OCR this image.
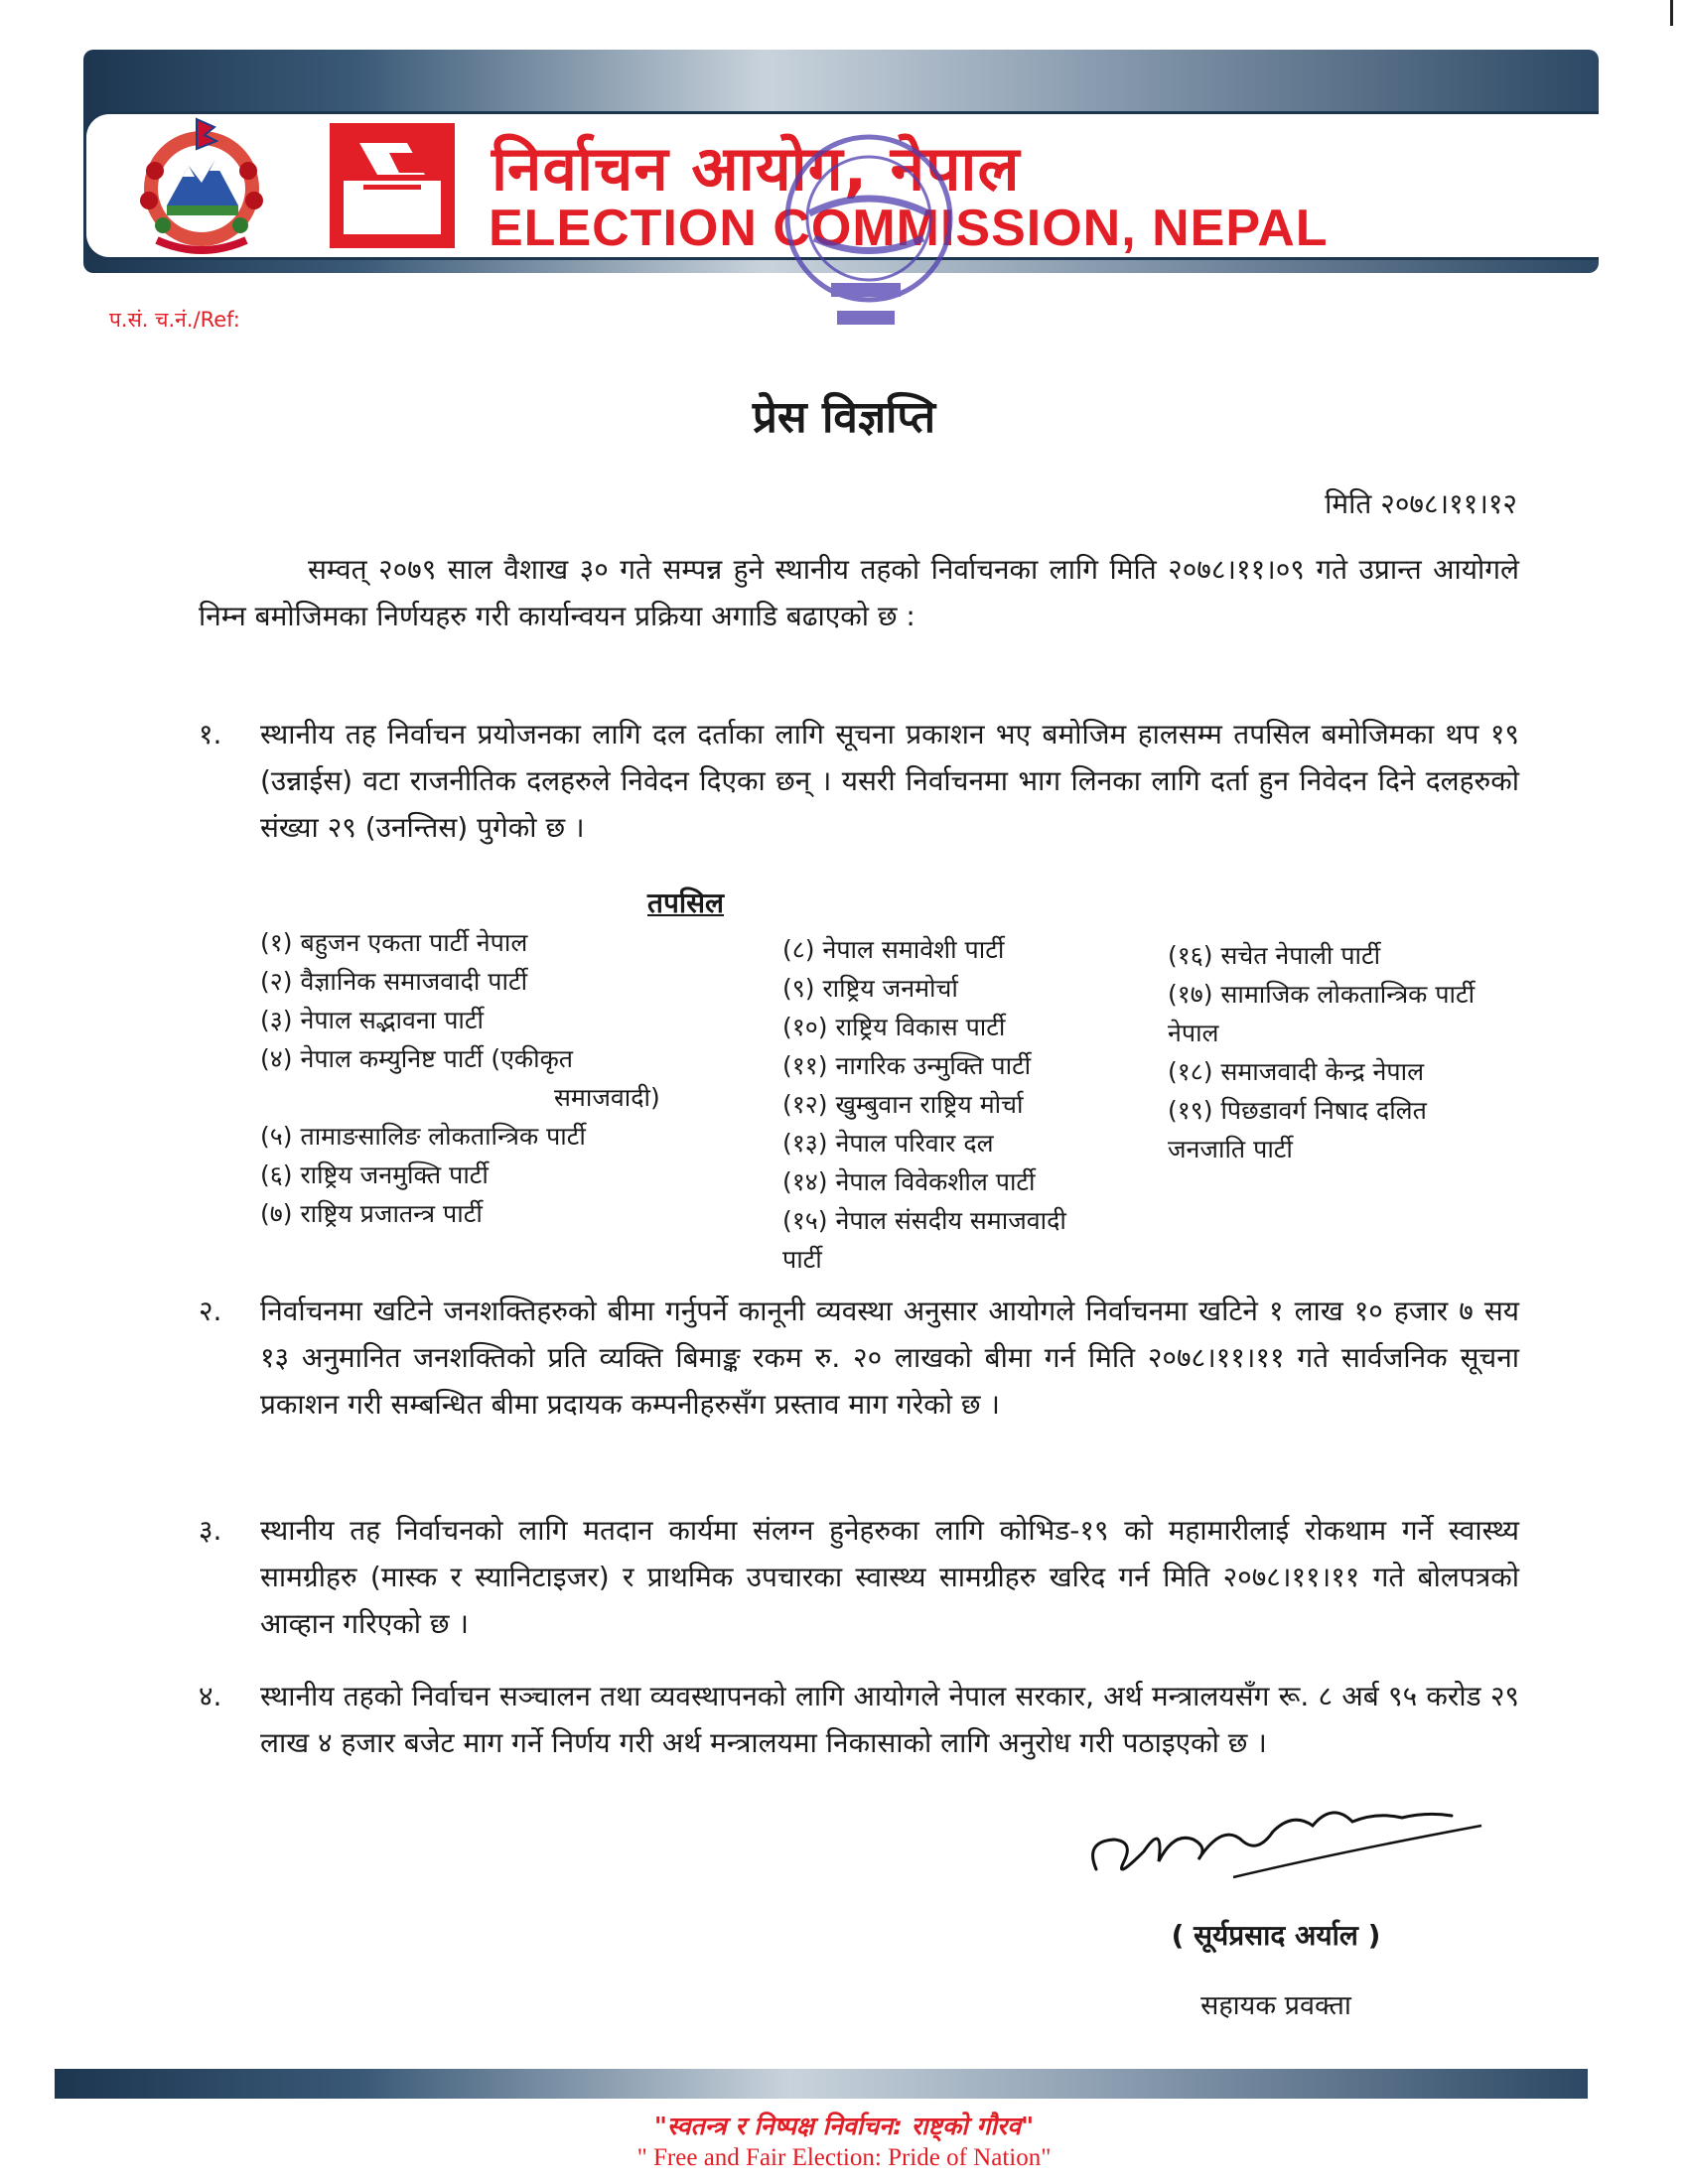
निर्वाचन आयोग, नेपाल
ELECTION COMMISSION, NEPAL
प.सं. च.नं./Ref:
प्रेस विज्ञप्ति
मिति २०७८।११।१२
सम्वत् २०७९ साल वैशाख ३० गते सम्पन्न हुने स्थानीय तहको निर्वाचनका लागि मिति २०७८।११।०९ गते उप्रान्त आयोगले निम्न बमोजिमका निर्णयहरु गरी कार्यान्वयन प्रक्रिया अगाडि बढाएको छ :
१.	स्थानीय तह निर्वाचन प्रयोजनका लागि दल दर्ताका लागि सूचना प्रकाशन भए बमोजिम हालसम्म तपसिल बमोजिमका थप १९ (उन्नाईस) वटा राजनीतिक दलहरुले निवेदन दिएका छन् । यसरी निर्वाचनमा भाग लिनका लागि दर्ता हुन निवेदन दिने दलहरुको संख्या २९ (उनन्तिस) पुगेको छ ।
तपसिल
(१) बहुजन एकता पार्टी नेपाल
(२) वैज्ञानिक समाजवादी पार्टी
(३) नेपाल सद्भावना पार्टी
(४) नेपाल कम्युनिष्ट पार्टी (एकीकृत
समाजवादी)
(५) तामाङसालिङ लोकतान्त्रिक पार्टी
(६) राष्ट्रिय जनमुक्ति पार्टी
(७) राष्ट्रिय प्रजातन्त्र पार्टी
(८) नेपाल समावेशी पार्टी
(९) राष्ट्रिय जनमोर्चा
(१०) राष्ट्रिय विकास पार्टी
(११) नागरिक उन्मुक्ति पार्टी
(१२) खुम्बुवान राष्ट्रिय मोर्चा
(१३) नेपाल परिवार दल
(१४) नेपाल विवेकशील पार्टी
(१५) नेपाल संसदीय समाजवादी
पार्टी
(१६) सचेत नेपाली पार्टी
(१७) सामाजिक लोकतान्त्रिक पार्टी
नेपाल
(१८) समाजवादी केन्द्र नेपाल
(१९) पिछडावर्ग निषाद दलित
जनजाति पार्टी
२.	निर्वाचनमा खटिने जनशक्तिहरुको बीमा गर्नुपर्ने कानूनी व्यवस्था अनुसार आयोगले निर्वाचनमा खटिने १ लाख १० हजार ७ सय १३ अनुमानित जनशक्तिको प्रति व्यक्ति बिमाङ्क रकम रु. २० लाखको बीमा गर्न मिति २०७८।११।११ गते सार्वजनिक सूचना प्रकाशन गरी सम्बन्धित बीमा प्रदायक कम्पनीहरुसँग प्रस्ताव माग गरेको छ ।
३.	स्थानीय तह निर्वाचनको लागि मतदान कार्यमा संलग्न हुनेहरुका लागि कोभिड-१९ को महामारीलाई रोकथाम गर्ने स्वास्थ्य सामग्रीहरु (मास्क र स्यानिटाइजर) र प्राथमिक उपचारका स्वास्थ्य सामग्रीहरु खरिद गर्न मिति २०७८।११।११ गते बोलपत्रको आव्हान गरिएको छ ।
४.	स्थानीय तहको निर्वाचन सञ्चालन तथा व्यवस्थापनको लागि आयोगले नेपाल सरकार, अर्थ मन्त्रालयसँग रू. ८ अर्ब ९५ करोड २९ लाख ४ हजार बजेट माग गर्ने निर्णय गरी अर्थ मन्त्रालयमा निकासाको लागि अनुरोध गरी पठाइएको छ ।
( सूर्यप्रसाद अर्याल )
सहायक प्रवक्ता
"स्वतन्त्र र निष्पक्ष निर्वाचन: राष्ट्को गौरव"
" Free and Fair Election: Pride of Nation"
